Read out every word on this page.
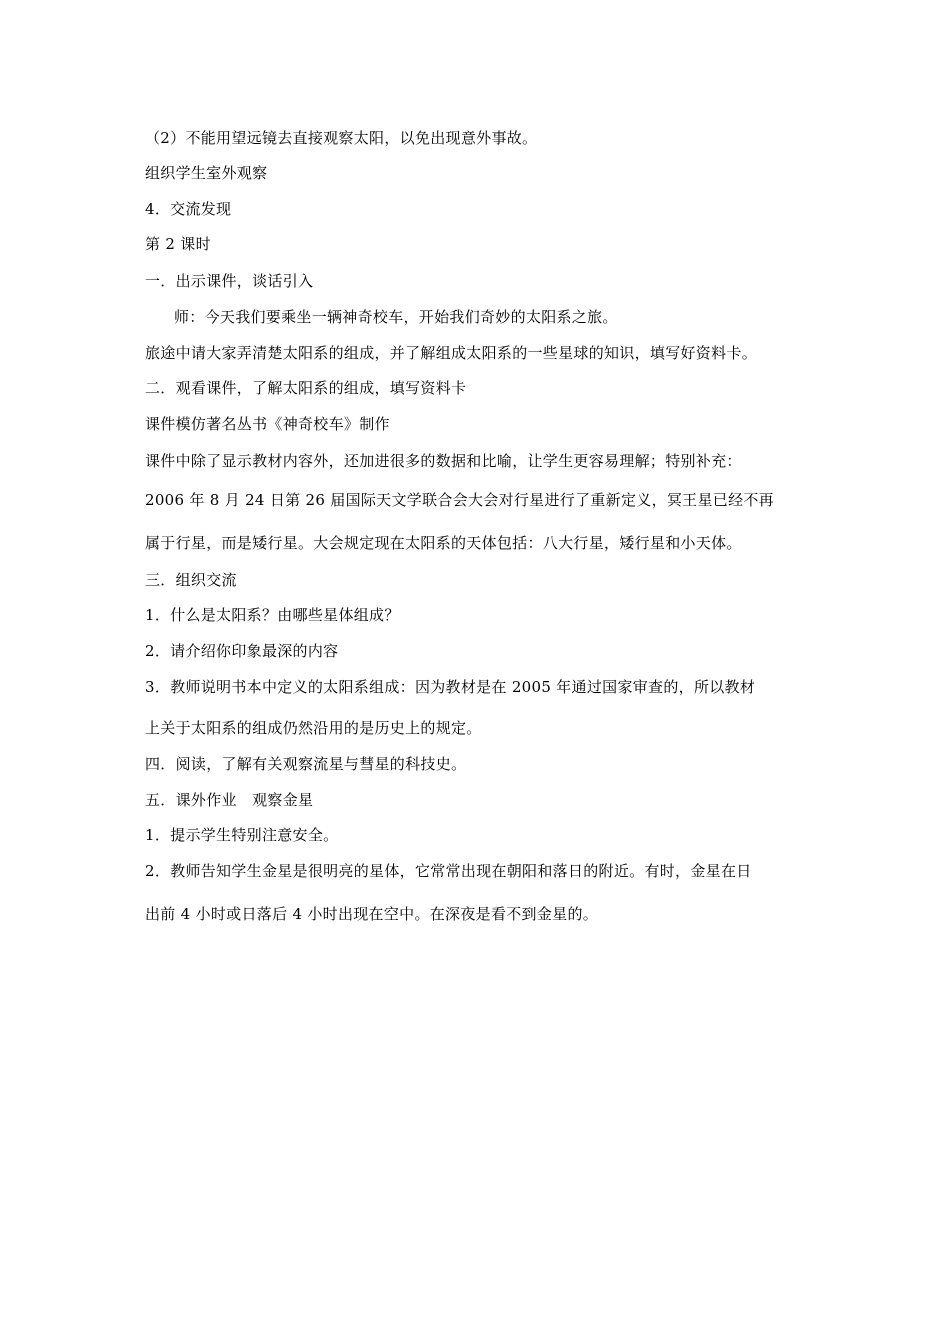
（2）不能用望远镜去直接观察太阳，以免出现意外事故。
组织学生室外观察
4．交流发现
第 2 课时
一．出示课件，谈话引入
师：今天我们要乘坐一辆神奇校车，开始我们奇妙的太阳系之旅。
旅途中请大家弄清楚太阳系的组成，并了解组成太阳系的一些星球的知识，填写好资料卡。
二．观看课件，了解太阳系的组成，填写资料卡
课件模仿著名丛书《神奇校车》制作
课件中除了显示教材内容外，还加进很多的数据和比喻，让学生更容易理解；特别补充：
2006 年 8 月 24 日第 26 届国际天文学联合会大会对行星进行了重新定义，冥王星已经不再
属于行星，而是矮行星。大会规定现在太阳系的天体包括：八大行星，矮行星和小天体。
三．组织交流
1．什么是太阳系？由哪些星体组成？
2．请介绍你印象最深的内容
3．教师说明书本中定义的太阳系组成：因为教材是在 2005 年通过国家审查的，所以教材
上关于太阳系的组成仍然沿用的是历史上的规定。
四．阅读，了解有关观察流星与彗星的科技史。
五．课外作业　观察金星
1．提示学生特别注意安全。
2．教师告知学生金星是很明亮的星体，它常常出现在朝阳和落日的附近。有时，金星在日
出前 4 小时或日落后 4 小时出现在空中。在深夜是看不到金星的。
